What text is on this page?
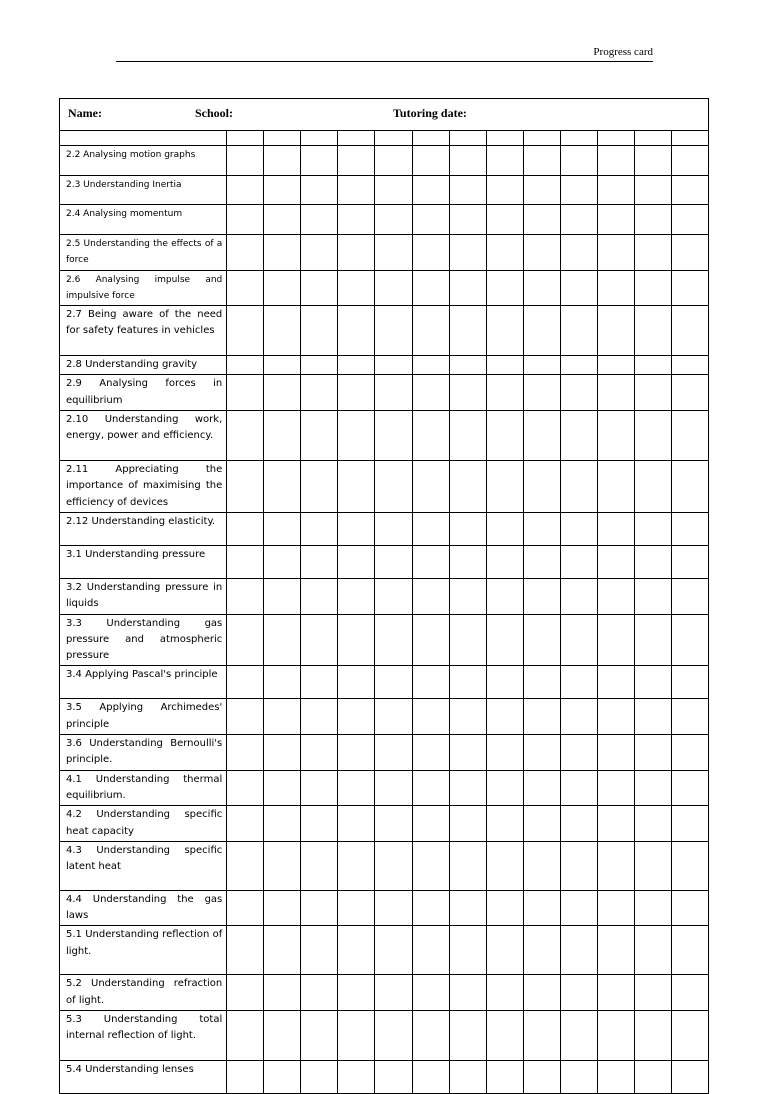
Progress card
Name:	School:	Tutoring date:

2.2 Analysing motion graphs													
2.3 Understanding Inertia													
2.4 Analysing momentum													
2.5 Understanding the effects of a force													
2.6 Analysing impulse and impulsive force													
2.7 Being aware of the need for safety features in vehicles													
2.8 Understanding gravity													
2.9 Analysing forces in equilibrium													
2.10 Understanding work, energy, power and efficiency.													
2.11 Appreciating the importance of maximising the efficiency of devices													
2.12 Understanding elasticity.													
3.1 Understanding pressure													
3.2 Understanding pressure in liquids													
3.3 Understanding gas pressure and atmospheric pressure													
3.4 Applying Pascal's principle													
3.5 Applying Archimedes' principle													
3.6 Understanding Bernoulli's principle.													
4.1 Understanding thermal equilibrium.													
4.2 Understanding specific heat capacity													
4.3 Understanding specific latent heat													
4.4 Understanding the gas laws													
5.1 Understanding reflection of light.													
5.2 Understanding refraction of light.													
5.3 Understanding total internal reflection of light.													
5.4 Understanding lenses													
